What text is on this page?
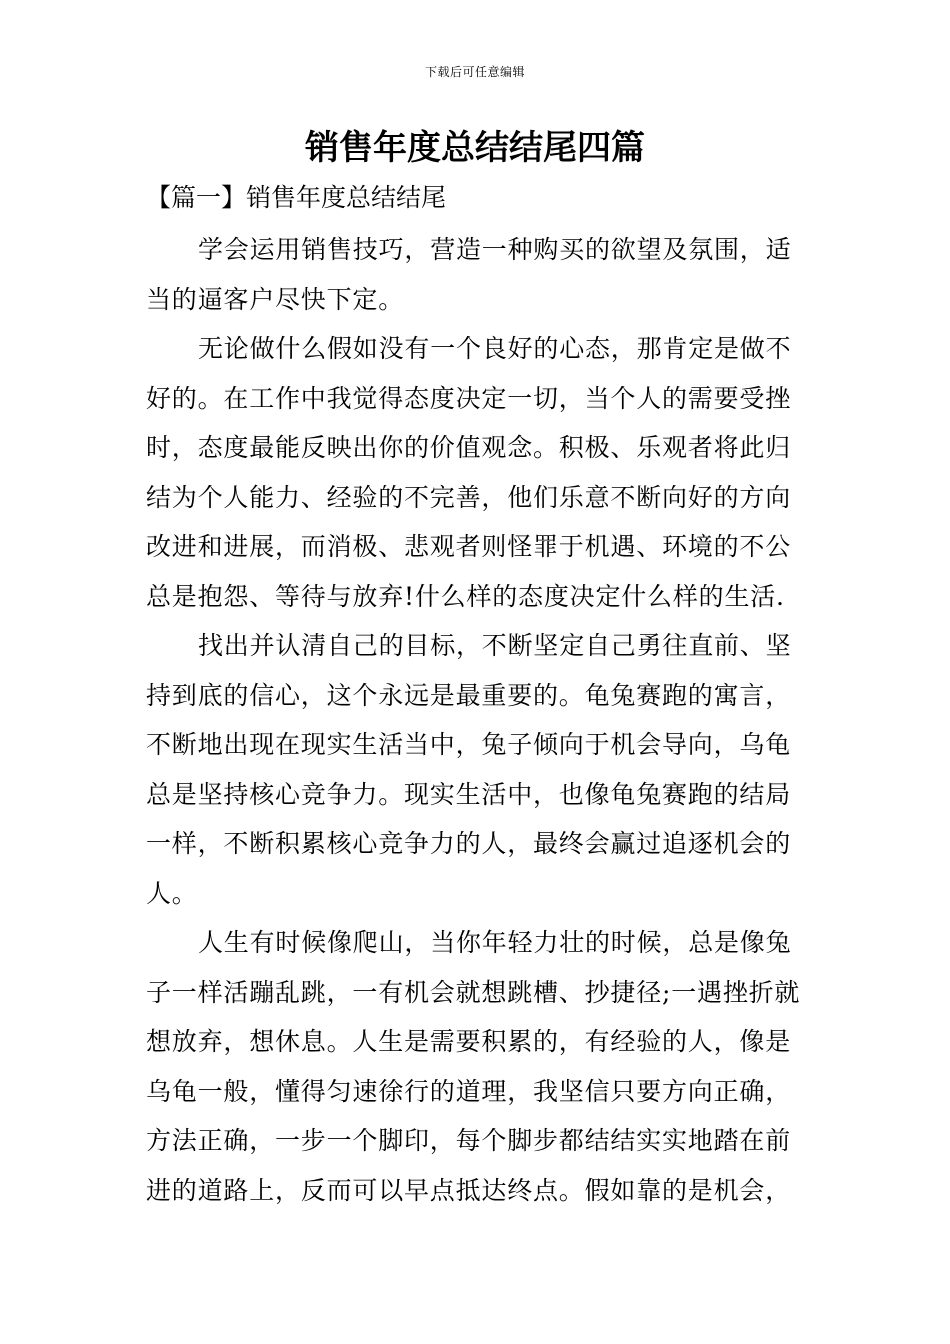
下载后可任意编辑
销售年度总结结尾四篇
【篇一】销售年度总结结尾

学会运用销售技巧，营造一种购买的欲望及氛围，适
当的逼客户尽快下定。

无论做什么假如没有一个良好的心态，那肯定是做不
好的。在工作中我觉得态度决定一切，当个人的需要受挫
时，态度最能反映出你的价值观念。积极、乐观者将此归
结为个人能力、经验的不完善，他们乐意不断向好的方向
改进和进展，而消极、悲观者则怪罪于机遇、环境的不公
总是抱怨、等待与放弃!什么样的态度决定什么样的生活.

找出并认清自己的目标，不断坚定自己勇往直前、坚
持到底的信心，这个永远是最重要的。龟兔赛跑的寓言，
不断地出现在现实生活当中，兔子倾向于机会导向，乌龟
总是坚持核心竞争力。现实生活中，也像龟兔赛跑的结局
一样，不断积累核心竞争力的人，最终会赢过追逐机会的
人。

人生有时候像爬山，当你年轻力壮的时候，总是像兔
子一样活蹦乱跳，一有机会就想跳槽、抄捷径;一遇挫折就
想放弃，想休息。人生是需要积累的，有经验的人，像是
乌龟一般，懂得匀速徐行的道理，我坚信只要方向正确，
方法正确，一步一个脚印，每个脚步都结结实实地踏在前
进的道路上，反而可以早点抵达终点。假如靠的是机会，
